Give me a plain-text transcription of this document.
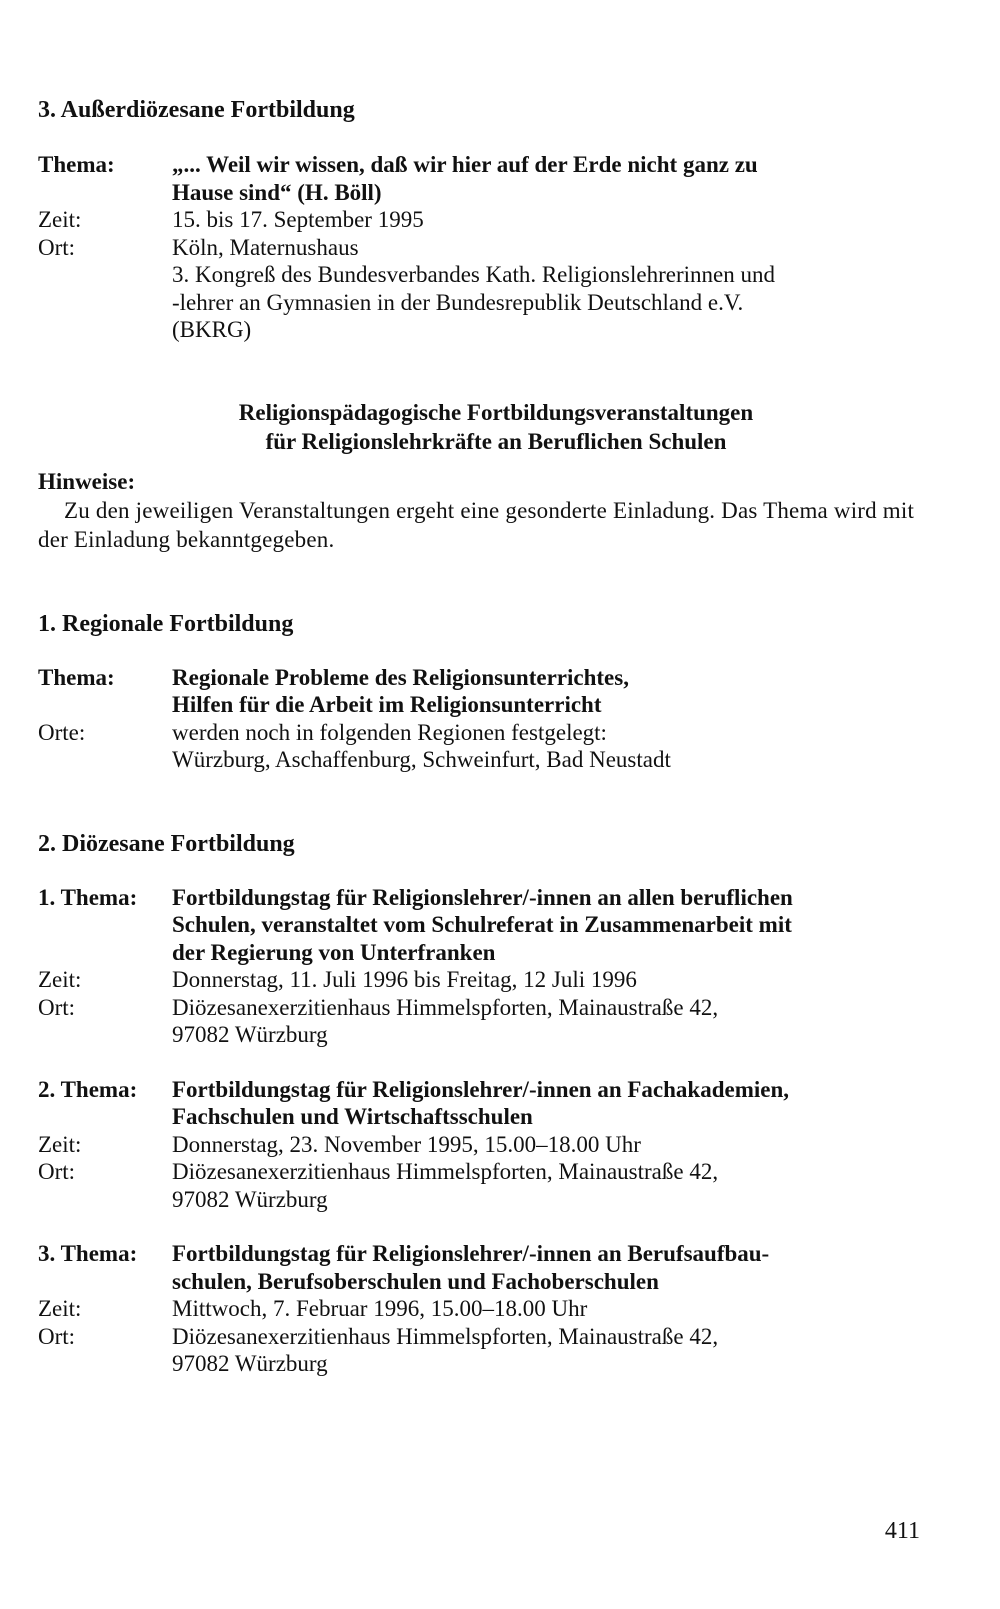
3. Außerdiözesane Fortbildung
Thema:	„... Weil wir wissen, daß wir hier auf der Erde nicht ganz zu
Hause sind“ (H. Böll)
Zeit:	15. bis 17. September 1995
Ort:	Köln, Maternushaus
3. Kongreß des Bundesverbandes Kath. Religionslehrerinnen und
-lehrer an Gymnasien in der Bundesrepublik Deutschland e.V.
(BKRG)
Religionspädagogische Fortbildungsveranstaltungen
für Religionslehrkräfte an Beruflichen Schulen
Hinweise:
Zu den jeweiligen Veranstaltungen ergeht eine gesonderte Einladung. Das Thema wird mit der Einladung bekanntgegeben.
1. Regionale Fortbildung
Thema:	Regionale Probleme des Religionsunterrichtes,
Hilfen für die Arbeit im Religionsunterricht
Orte:	werden noch in folgenden Regionen festgelegt:
Würzburg, Aschaffenburg, Schweinfurt, Bad Neustadt
2. Diözesane Fortbildung
1. Thema:	Fortbildungstag für Religionslehrer/-innen an allen beruflichen
Schulen, veranstaltet vom Schulreferat in Zusammenarbeit mit
der Regierung von Unterfranken
Zeit:	Donnerstag, 11. Juli 1996 bis Freitag, 12 Juli 1996
Ort:	Diözesanexerzitienhaus Himmelspforten, Mainaustraße 42,
97082 Würzburg
2. Thema:	Fortbildungstag für Religionslehrer/-innen an Fachakademien,
Fachschulen und Wirtschaftsschulen
Zeit:	Donnerstag, 23. November 1995, 15.00–18.00 Uhr
Ort:	Diözesanexerzitienhaus Himmelspforten, Mainaustraße 42,
97082 Würzburg
3. Thema:	Fortbildungstag für Religionslehrer/-innen an Berufsaufbau-
schulen, Berufsoberschulen und Fachoberschulen
Zeit:	Mittwoch, 7. Februar 1996, 15.00–18.00 Uhr
Ort:	Diözesanexerzitienhaus Himmelspforten, Mainaustraße 42,
97082 Würzburg
411
